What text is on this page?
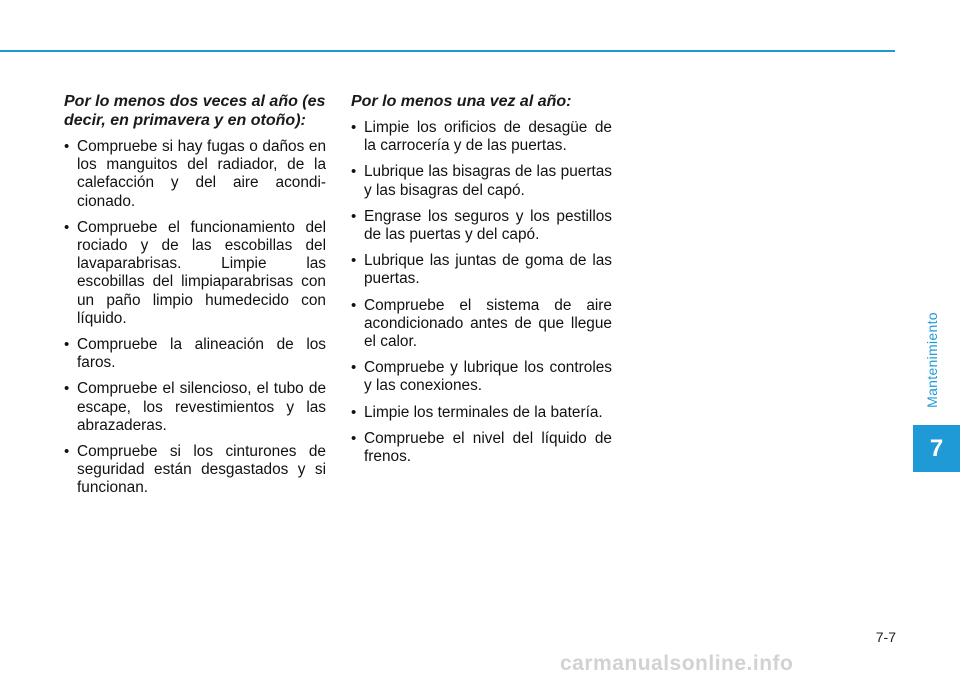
Por lo menos dos veces al año (es decir, en primavera y en otoño):
• Compruebe si hay fugas o daños en los manguitos del radiador, de la calefacción y del aire acondi- cionado.
• Compruebe el funcionamiento del rociado y de las escobillas del lavaparabrisas. Limpie las escobillas del limpiaparabrisas con un paño limpio humedecido con líquido.
• Compruebe la alineación de los faros.
• Compruebe el silencioso, el tubo de escape, los revestimientos y las abrazaderas.
• Compruebe si los cinturones de seguridad están desgastados y si funcionan.
Por lo menos una vez al año:
• Limpie los orificios de desagüe de la carrocería y de las puertas.
• Lubrique las bisagras de las puertas y las bisagras del capó.
• Engrase los seguros y los pestillos de las puertas y del capó.
• Lubrique las juntas de goma de las puertas.
• Compruebe el sistema de aire acondicionado antes de que llegue el calor.
• Compruebe y lubrique los controles y las conexiones.
• Limpie los terminales de la batería.
• Compruebe el nivel del líquido de frenos.
Mantenimiento
7
7-7
carmanualsonline.info
